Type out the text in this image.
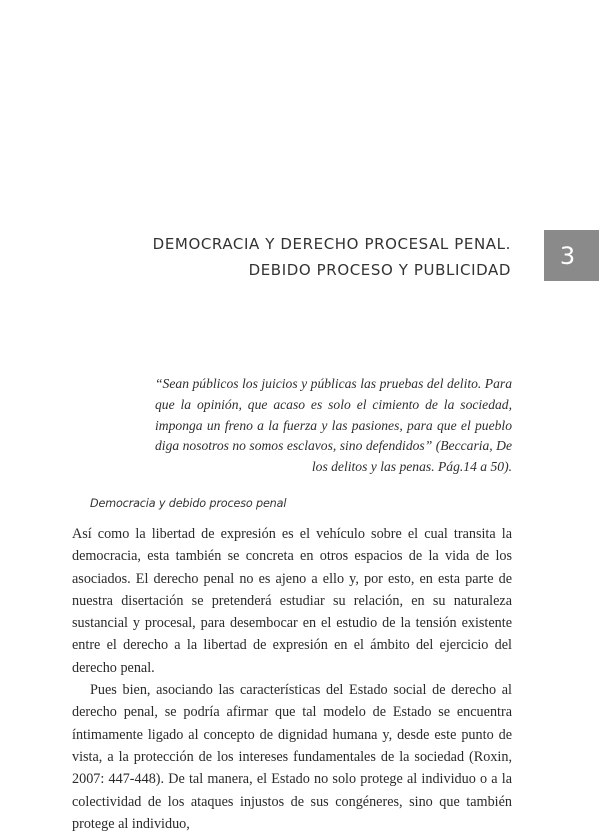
DEMOCRACIA Y DERECHO PROCESAL PENAL.
DEBIDO PROCESO Y PUBLICIDAD
3
“Sean públicos los juicios y públicas las pruebas del delito. Para que la opinión, que acaso es solo el cimiento de la sociedad, imponga un freno a la fuerza y las pasiones, para que el pueblo diga nosotros no somos esclavos, sino defendidos” (Beccaria, De los delitos y las penas. Pág.14 a 50).
Democracia y debido proceso penal

Así como la libertad de expresión es el vehículo sobre el cual transita la democracia, esta también se concreta en otros espacios de la vida de los asociados. El derecho penal no es ajeno a ello y, por esto, en esta parte de nuestra disertación se pretenderá estudiar su relación, en su naturaleza sustancial y procesal, para desembocar en el estudio de la tensión existente entre el derecho a la libertad de expresión en el ámbito del ejercicio del derecho penal.

Pues bien, asociando las características del Estado social de derecho al derecho penal, se podría afirmar que tal modelo de Estado se encuentra íntimamente ligado al concepto de dignidad humana y, desde este punto de vista, a la protección de los intereses fundamentales de la sociedad (Roxin, 2007: 447-448). De tal manera, el Estado no solo protege al individuo o a la colectividad de los ataques injustos de sus congéneres, sino que también protege al individuo,
